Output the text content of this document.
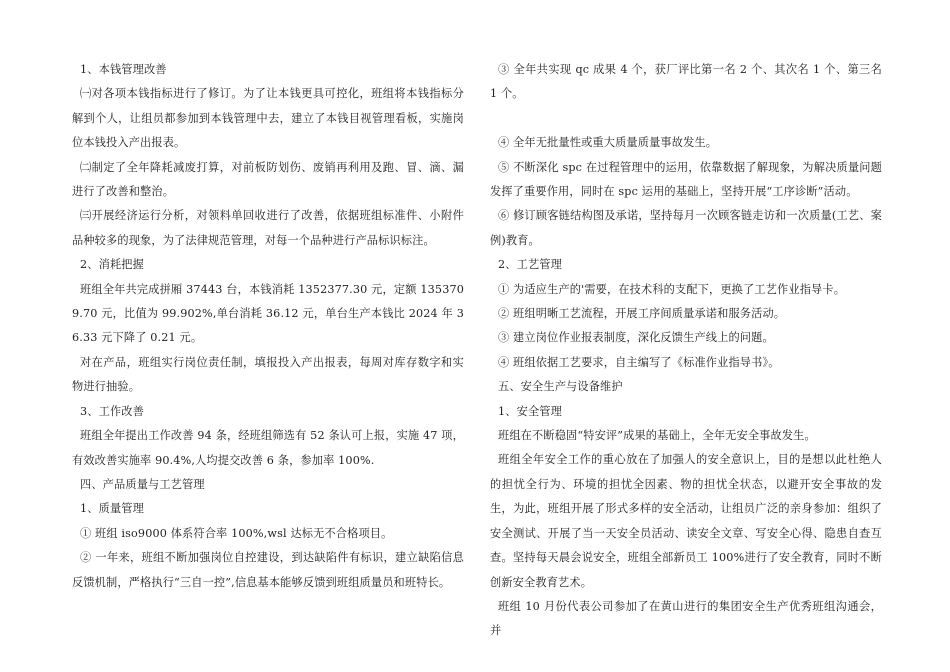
1、本钱管理改善

㈠对各项本钱指标进行了修订。为了让本钱更具可控化，班组将本钱指标分解到个人，让组员都参加到本钱管理中去，建立了本钱目视管理看板，实施岗位本钱投入产出报表。

㈡制定了全年降耗减废打算，对前板防划伤、废销再利用及跑、冒、滴、漏进行了改善和整治。

㈢开展经济运行分析，对领料单回收进行了改善，依据班组标准件、小附件品种较多的现象，为了法律规范管理，对每一个品种进行产品标识标注。

2、消耗把握

班组全年共完成拼厢 37443 台，本钱消耗 1352377.30 元，定额 1353709.70 元，比值为 99.902%,单台消耗 36.12 元，单台生产本钱比 2024 年 36.33 元下降了 0.21 元。

对在产品，班组实行岗位责任制，填报投入产出报表，每周对库存数字和实物进行抽验。

3、工作改善

班组全年提出工作改善 94 条，经班组筛选有 52 条认可上报，实施 47 项，有效改善实施率 90.4%,人均提交改善 6 条，参加率 100%.

四、产品质量与工艺管理

1、质量管理

① 班组 iso9000 体系符合率 100%,wsl 达标无不合格项目。

② 一年来，班组不断加强岗位自控建设，到达缺陷件有标识，建立缺陷信息反馈机制，严格执行“三自一控”,信息基本能够反馈到班组质量员和班特长。

③ 全年共实现 qc 成果 4 个，获厂评比第一名 2 个、其次名 1 个、第三名 1 个。

④ 全年无批量性或重大质量质量事故发生。

⑤ 不断深化 spc 在过程管理中的运用，依靠数据了解现象，为解决质量问题发挥了重要作用，同时在 spc 运用的基础上，坚持开展“工序诊断”活动。

⑥ 修订顾客链结构图及承诺，坚持每月一次顾客链走访和一次质量(工艺、案例)教育。

2、工艺管理

① 为适应生产的'需要，在技术科的支配下，更换了工艺作业指导卡。

② 班组明晰工艺流程，开展工序间质量承诺和服务活动。

③ 建立岗位作业报表制度，深化反馈生产线上的问题。

④ 班组依据工艺要求，自主编写了《标准作业指导书》。

五、安全生产与设备维护

1、安全管理

班组在不断稳固“特安评”成果的基础上，全年无安全事故发生。

班组全年安全工作的重心放在了加强人的安全意识上，目的是想以此杜绝人的担忧全行为、环境的担忧全因素、物的担忧全状态，以避开安全事故的发生，为此，班组开展了形式多样的安全活动，让组员广泛的亲身参加：组织了安全测试、开展了当一天安全员活动、读安全文章、写安全心得、隐患自查互查。坚持每天晨会说安全，班组全部新员工 100%进行了安全教育，同时不断创新安全教育艺术。

班组 10 月份代表公司参加了在黄山进行的集团安全生产优秀班组沟通会，并
